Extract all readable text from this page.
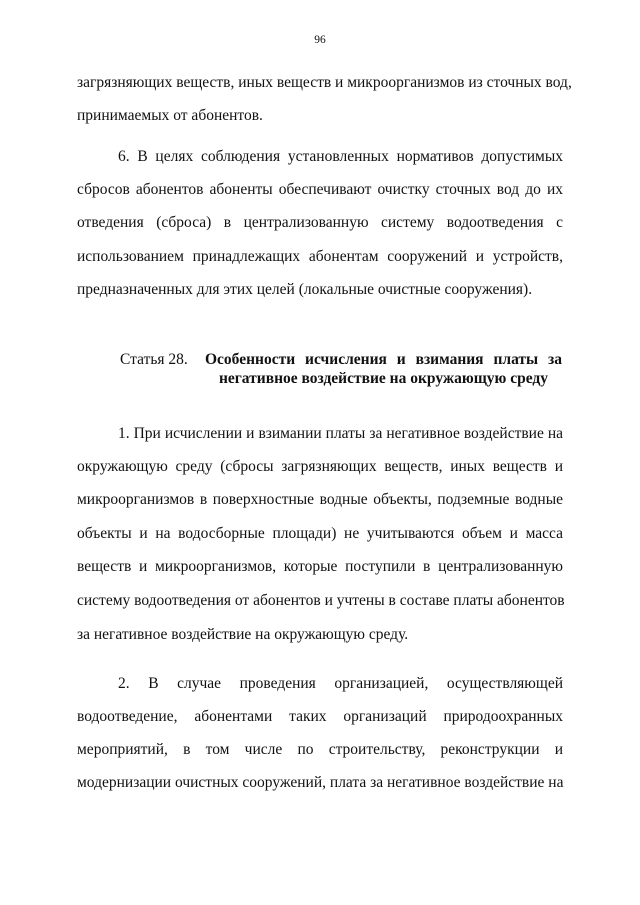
96
загрязняющих веществ, иных веществ и микроорганизмов из сточных вод,
принимаемых от абонентов.
6. В целях соблюдения установленных нормативов допустимых
сбросов абонентов абоненты обеспечивают очистку сточных вод до их
отведения (сброса) в централизованную систему водоотведения с
использованием принадлежащих абонентам сооружений и устройств,
предназначенных для этих целей (локальные очистные сооружения).
Статья 28. Особенности исчисления и взимания платы за
негативное воздействие на окружающую среду
1. При исчислении и взимании платы за негативное воздействие на
окружающую среду (сбросы загрязняющих веществ, иных веществ и
микроорганизмов в поверхностные водные объекты, подземные водные
объекты и на водосборные площади) не учитываются объем и масса
веществ и микроорганизмов, которые поступили в централизованную
систему водоотведения от абонентов и учтены в составе платы абонентов
за негативное воздействие на окружающую среду.
2. В случае проведения организацией, осуществляющей
водоотведение, абонентами таких организаций природоохранных
мероприятий, в том числе по строительству, реконструкции и
модернизации очистных сооружений, плата за негативное воздействие на
